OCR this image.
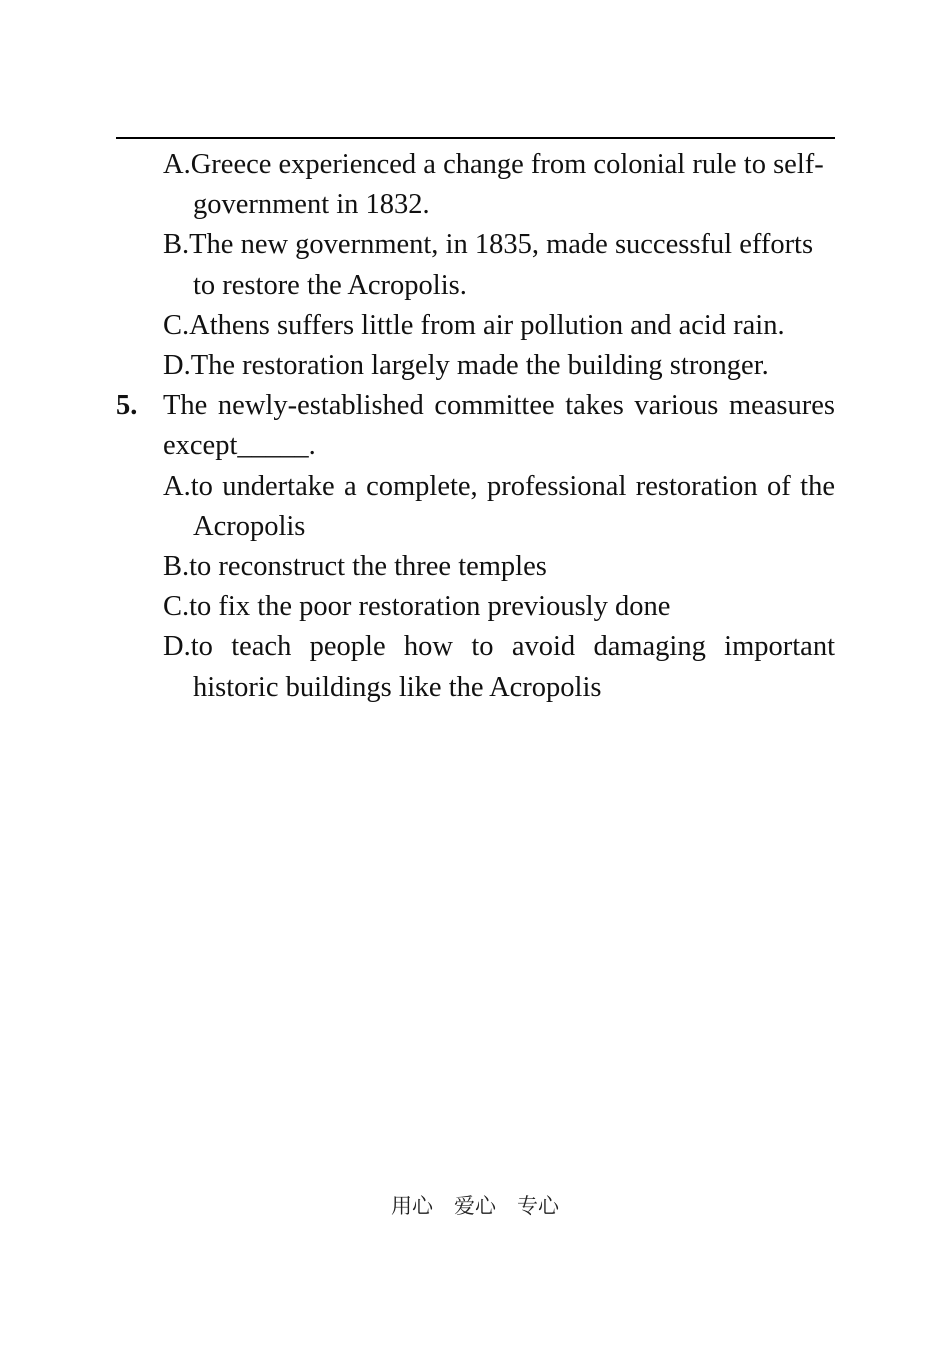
A.Greece experienced a change from colonial rule to self-government in 1832.
B.The new government, in 1835, made successful efforts to restore the Acropolis.
C.Athens suffers little from air pollution and acid rain.
D.The restoration largely made the building stronger.
5. The newly-established committee takes various measures except_____.
A.to undertake a complete, professional restoration of the Acropolis
B.to reconstruct the three temples
C.to fix the poor restoration previously done
D.to teach people how to avoid damaging important historic buildings like the Acropolis
用心　爱心　专心
